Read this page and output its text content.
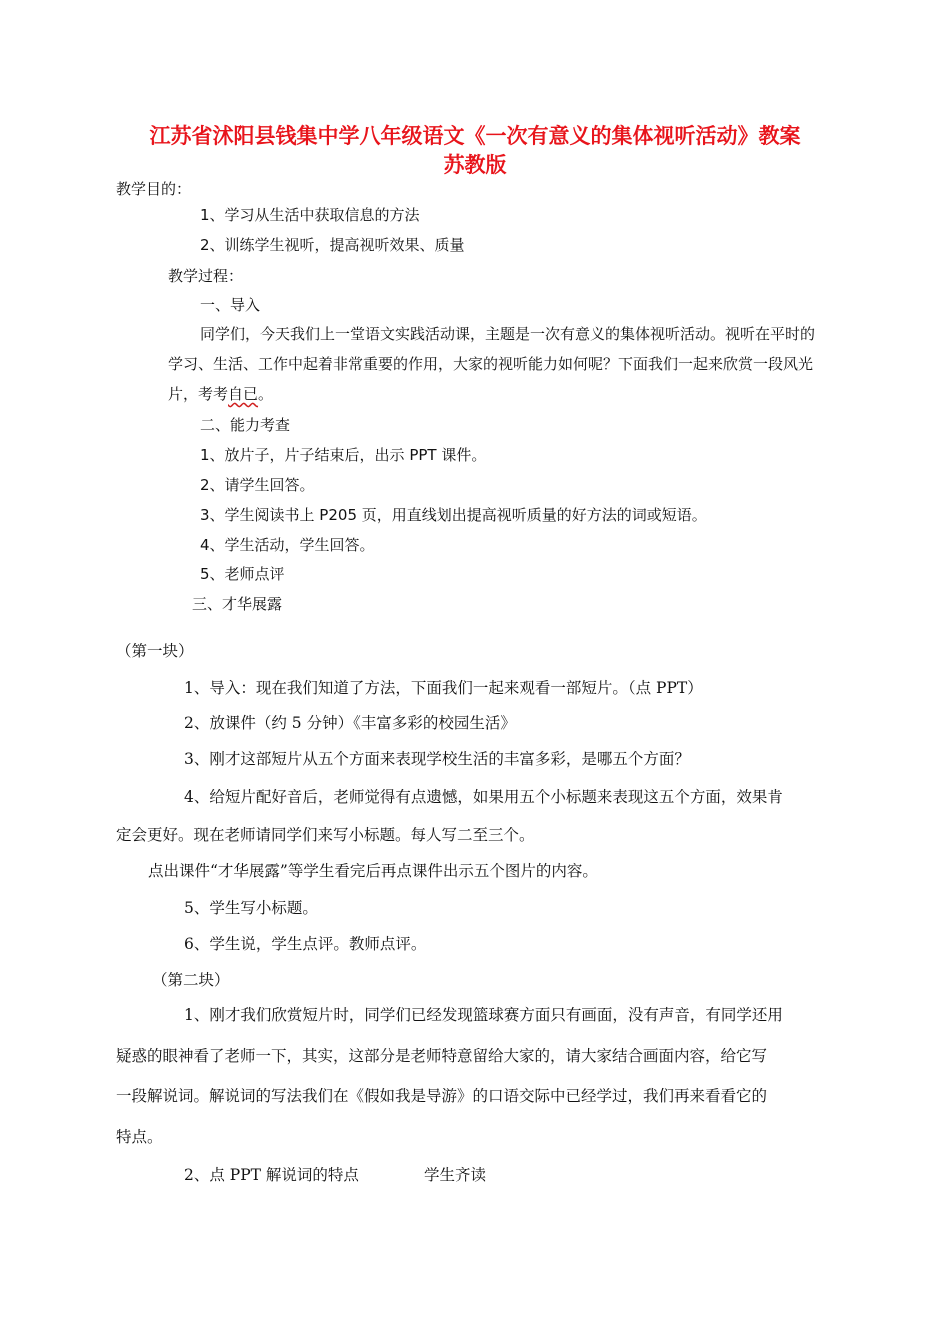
江苏省沭阳县钱集中学八年级语文《一次有意义的集体视听活动》教案
苏教版
教学目的：
1、学习从生活中获取信息的方法
2、训练学生视听，提高视听效果、质量
教学过程：
一、导入
同学们，今天我们上一堂语文实践活动课，主题是一次有意义的集体视听活动。视听在平时的
学习、生活、工作中起着非常重要的作用，大家的视听能力如何呢？下面我们一起来欣赏一段风光
片，考考自已。
二、能力考查
1、放片子，片子结束后，出示 PPT 课件。
2、请学生回答。
3、学生阅读书上 P205 页，用直线划出提高视听质量的好方法的词或短语。
4、学生活动，学生回答。
5、老师点评
三、才华展露
（第一块）
1、导入：现在我们知道了方法，下面我们一起来观看一部短片。（点 PPT）
2、放课件（约 5 分钟）《丰富多彩的校园生活》
3、刚才这部短片从五个方面来表现学校生活的丰富多彩，是哪五个方面？
4、给短片配好音后，老师觉得有点遗憾，如果用五个小标题来表现这五个方面，效果肯
定会更好。现在老师请同学们来写小标题。每人写二至三个。
点出课件“才华展露”等学生看完后再点课件出示五个图片的内容。
5、学生写小标题。
6、学生说，学生点评。教师点评。
（第二块）
1、刚才我们欣赏短片时，同学们已经发现篮球赛方面只有画面，没有声音，有同学还用
疑惑的眼神看了老师一下，其实，这部分是老师特意留给大家的，请大家结合画面内容，给它写
一段解说词。解说词的写法我们在《假如我是导游》的口语交际中已经学过，我们再来看看它的
特点。
2、点 PPT 解说词的特点	学生齐读
